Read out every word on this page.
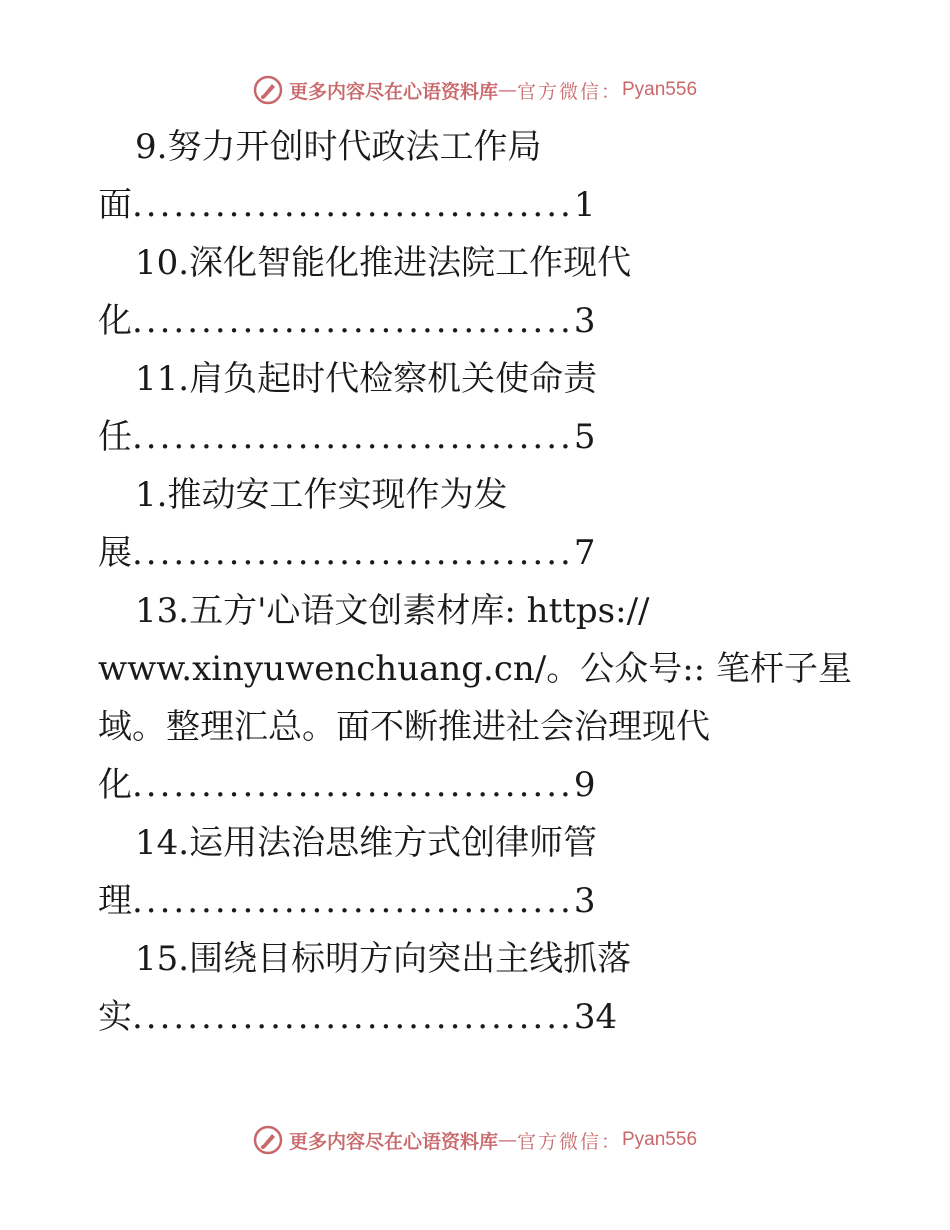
更多内容尽在心语资料库 — 官方微信： Pyan556
9.努力开创时代政法工作局
面................................1
10.深化智能化推进法院工作现代
化................................3
11.肩负起时代检察机关使命责
任................................5
1.推动安工作实现作为发
展................................7
13.五方'心语文创素材库: https://
www.xinyuwenchuang.cn/。公众号:: 笔杆子星
域。整理汇总。面不断推进社会治理现代
化................................9
14.运用法治思维方式创律师管
理................................3
15.围绕目标明方向突出主线抓落
实................................34
更多内容尽在心语资料库 — 官方微信： Pyan556
